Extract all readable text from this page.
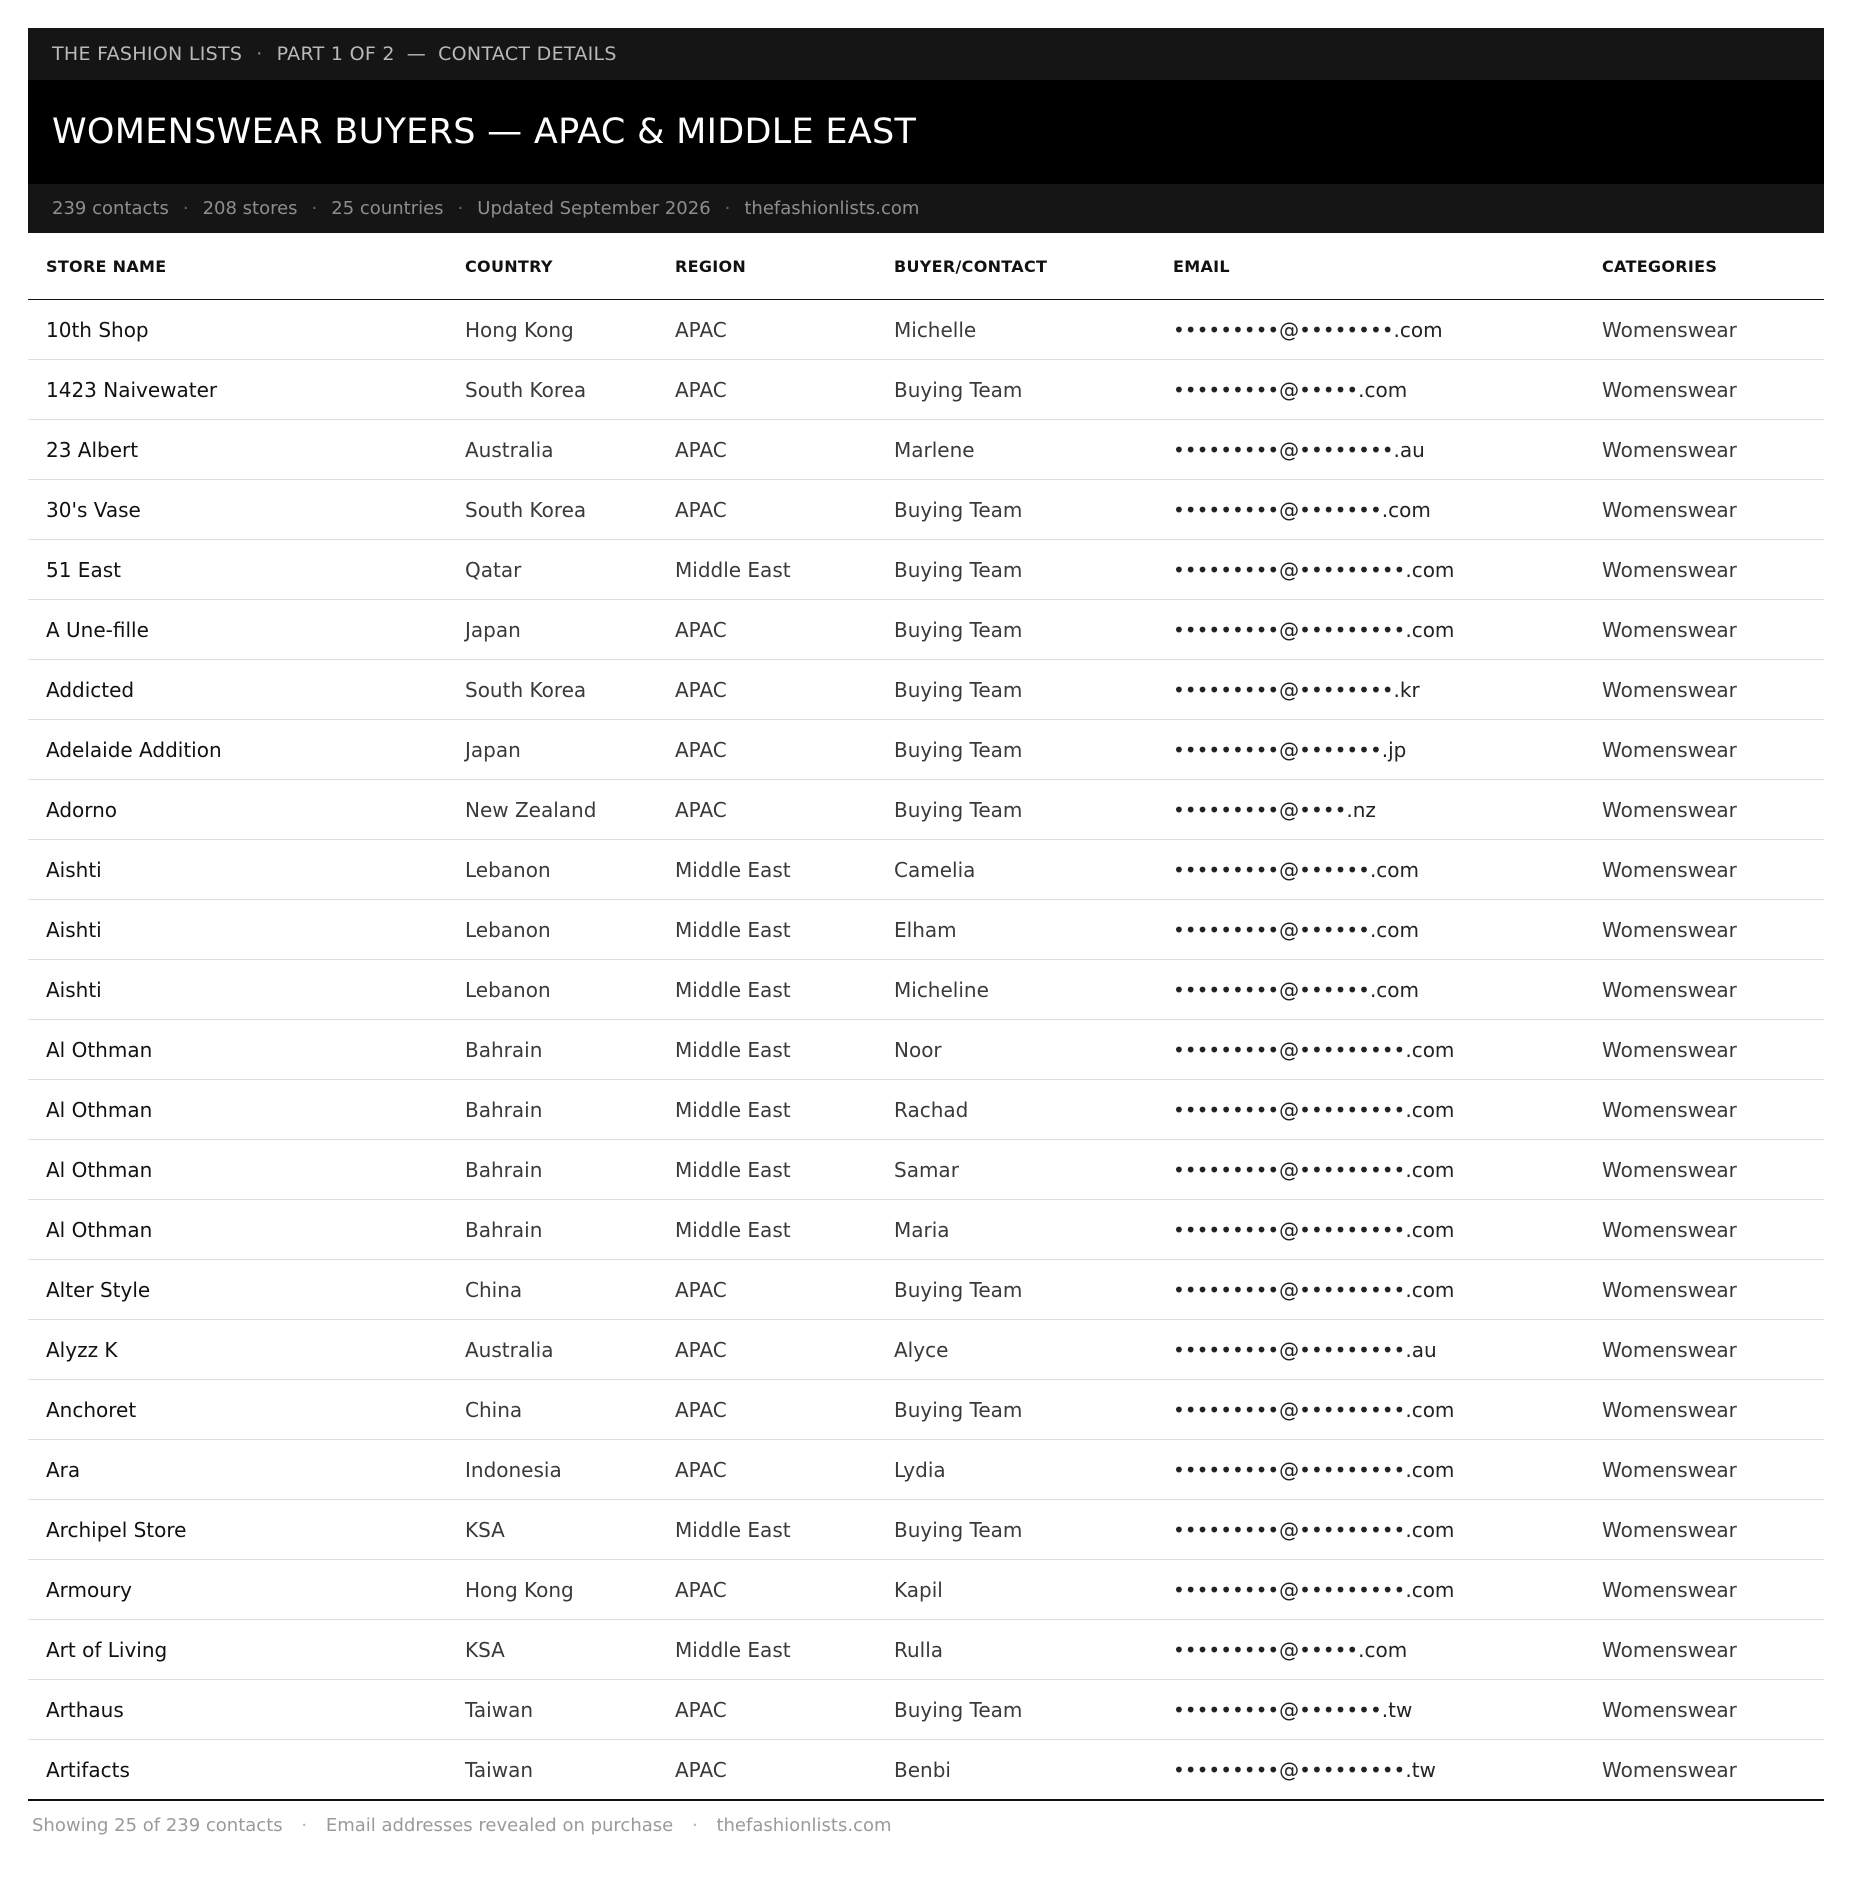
THE FASHION LISTS · PART 1 OF 2 — CONTACT DETAILS
WOMENSWEAR BUYERS — APAC & MIDDLE EAST
239 contacts · 208 stores · 25 countries · Updated September 2026 · thefashionlists.com
STORE NAME	COUNTRY	REGION	BUYER/CONTACT	EMAIL	CATEGORIES
10th Shop	Hong Kong	APAC	Michelle	•••••••••@••••••••.com	Womenswear
1423 Naivewater	South Korea	APAC	Buying Team	•••••••••@•••••.com	Womenswear
23 Albert	Australia	APAC	Marlene	•••••••••@••••••••.au	Womenswear
30's Vase	South Korea	APAC	Buying Team	•••••••••@•••••••.com	Womenswear
51 East	Qatar	Middle East	Buying Team	•••••••••@•••••••••.com	Womenswear
A Une-fille	Japan	APAC	Buying Team	•••••••••@•••••••••.com	Womenswear
Addicted	South Korea	APAC	Buying Team	•••••••••@••••••••.kr	Womenswear
Adelaide Addition	Japan	APAC	Buying Team	•••••••••@•••••••.jp	Womenswear
Adorno	New Zealand	APAC	Buying Team	•••••••••@••••.nz	Womenswear
Aishti	Lebanon	Middle East	Camelia	•••••••••@••••••.com	Womenswear
Aishti	Lebanon	Middle East	Elham	•••••••••@••••••.com	Womenswear
Aishti	Lebanon	Middle East	Micheline	•••••••••@••••••.com	Womenswear
Al Othman	Bahrain	Middle East	Noor	•••••••••@•••••••••.com	Womenswear
Al Othman	Bahrain	Middle East	Rachad	•••••••••@•••••••••.com	Womenswear
Al Othman	Bahrain	Middle East	Samar	•••••••••@•••••••••.com	Womenswear
Al Othman	Bahrain	Middle East	Maria	•••••••••@•••••••••.com	Womenswear
Alter Style	China	APAC	Buying Team	•••••••••@•••••••••.com	Womenswear
Alyzz K	Australia	APAC	Alyce	•••••••••@•••••••••.au	Womenswear
Anchoret	China	APAC	Buying Team	•••••••••@•••••••••.com	Womenswear
Ara	Indonesia	APAC	Lydia	•••••••••@•••••••••.com	Womenswear
Archipel Store	KSA	Middle East	Buying Team	•••••••••@•••••••••.com	Womenswear
Armoury	Hong Kong	APAC	Kapil	•••••••••@•••••••••.com	Womenswear
Art of Living	KSA	Middle East	Rulla	•••••••••@•••••.com	Womenswear
Arthaus	Taiwan	APAC	Buying Team	•••••••••@•••••••.tw	Womenswear
Artifacts	Taiwan	APAC	Benbi	•••••••••@•••••••••.tw	Womenswear
Showing 25 of 239 contacts · Email addresses revealed on purchase · thefashionlists.com
